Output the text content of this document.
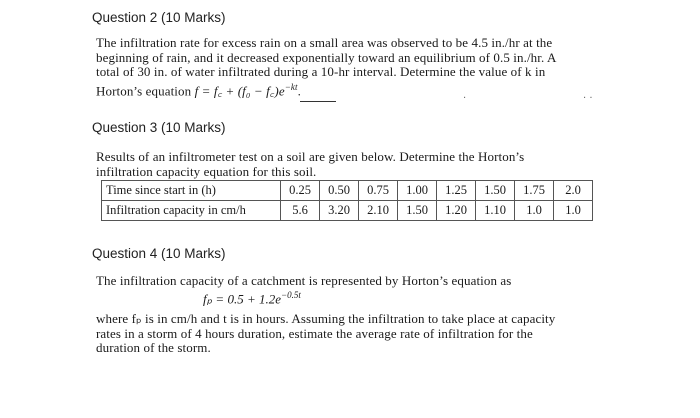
Question 2 (10 Marks)
The infiltration rate for excess rain on a small area was observed to be 4.5 in./hr at the
beginning of rain, and it decreased exponentially toward an equilibrium of 0.5 in./hr. A
total of 30 in. of water infiltrated during a 10-hr interval. Determine the value of k in
Horton’s equation f = f꜀ + $(f_0 - f꜀)e^{-kt}$.
·	· ·
Question 3 (10 Marks)
Results of an infiltrometer test on a soil are given below. Determine the Horton’s
infiltration capacity equation for this soil.
Time since start in (h)	0.25	0.50	0.75	1.00	1.25	1.50	1.75	2.0
Infiltration capacity in cm/h	5.6	3.20	2.10	1.50	1.20	1.10	1.0	1.0
Question 4 (10 Marks)
The infiltration capacity of a catchment is represented by Horton’s equation as
$f_p = 0.5 + 1.2e^{-0.5t}$
where fₚ is in cm/h and t is in hours. Assuming the infiltration to take place at capacity
rates in a storm of 4 hours duration, estimate the average rate of infiltration for the
duration of the storm.
